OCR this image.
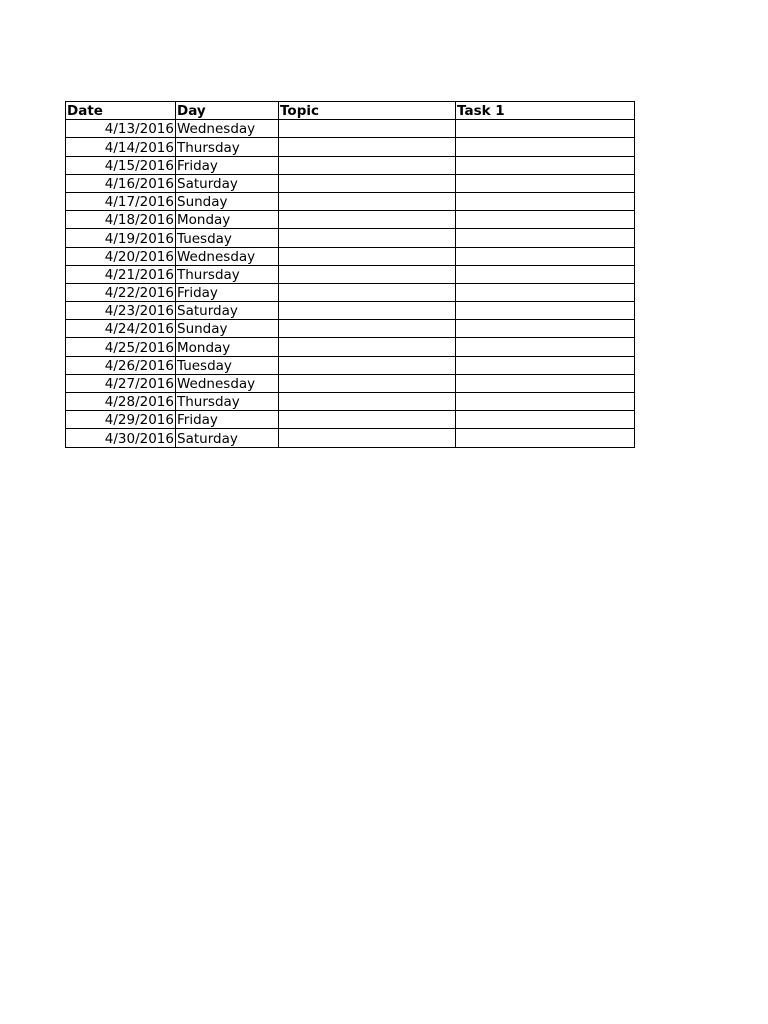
Date	Day	Topic	Task 1
4/13/2016	Wednesday		
4/14/2016	Thursday		
4/15/2016	Friday		
4/16/2016	Saturday		
4/17/2016	Sunday		
4/18/2016	Monday		
4/19/2016	Tuesday		
4/20/2016	Wednesday		
4/21/2016	Thursday		
4/22/2016	Friday		
4/23/2016	Saturday		
4/24/2016	Sunday		
4/25/2016	Monday		
4/26/2016	Tuesday		
4/27/2016	Wednesday		
4/28/2016	Thursday		
4/29/2016	Friday		
4/30/2016	Saturday		
